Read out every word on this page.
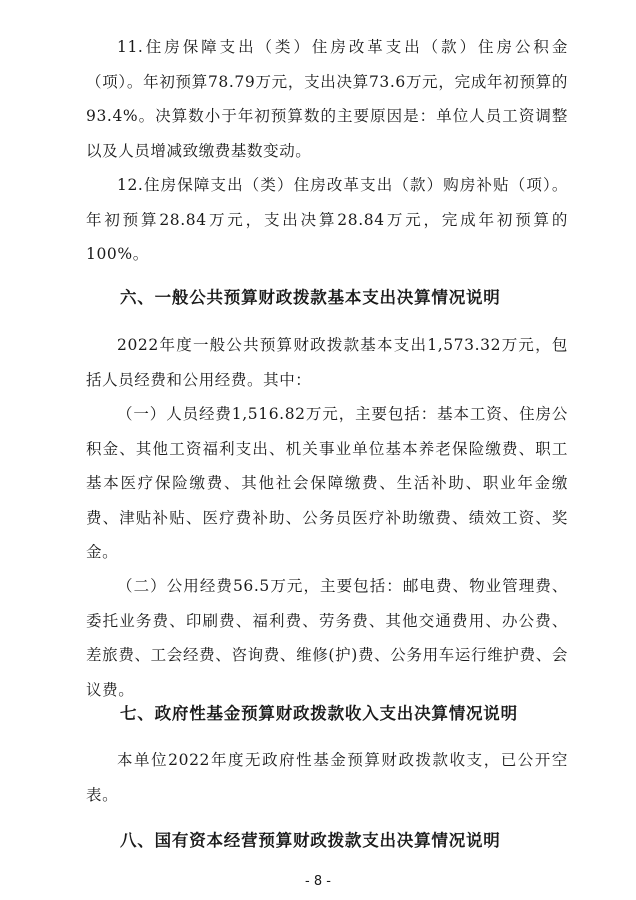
11.住房保障支出（类）住房改革支出（款）住房公积金（项）。年初预算78.79万元，支出决算73.6万元，完成年初预算的93.4%。决算数小于年初预算数的主要原因是：单位人员工资调整以及人员增减致缴费基数变动。

12.住房保障支出（类）住房改革支出（款）购房补贴（项）。年初预算28.84万元，支出决算28.84万元，完成年初预算的100%。

六、一般公共预算财政拨款基本支出决算情况说明

2022年度一般公共预算财政拨款基本支出1,573.32万元，包括人员经费和公用经费。其中：

（一）人员经费1,516.82万元，主要包括：基本工资、住房公积金、其他工资福利支出、机关事业单位基本养老保险缴费、职工基本医疗保险缴费、其他社会保障缴费、生活补助、职业年金缴费、津贴补贴、医疗费补助、公务员医疗补助缴费、绩效工资、奖金。

（二）公用经费56.5万元，主要包括：邮电费、物业管理费、委托业务费、印刷费、福利费、劳务费、其他交通费用、办公费、差旅费、工会经费、咨询费、维修(护)费、公务用车运行维护费、会议费。

七、政府性基金预算财政拨款收入支出决算情况说明

本单位2022年度无政府性基金预算财政拨款收支，已公开空表。

八、国有资本经营预算财政拨款支出决算情况说明
- 8 -
